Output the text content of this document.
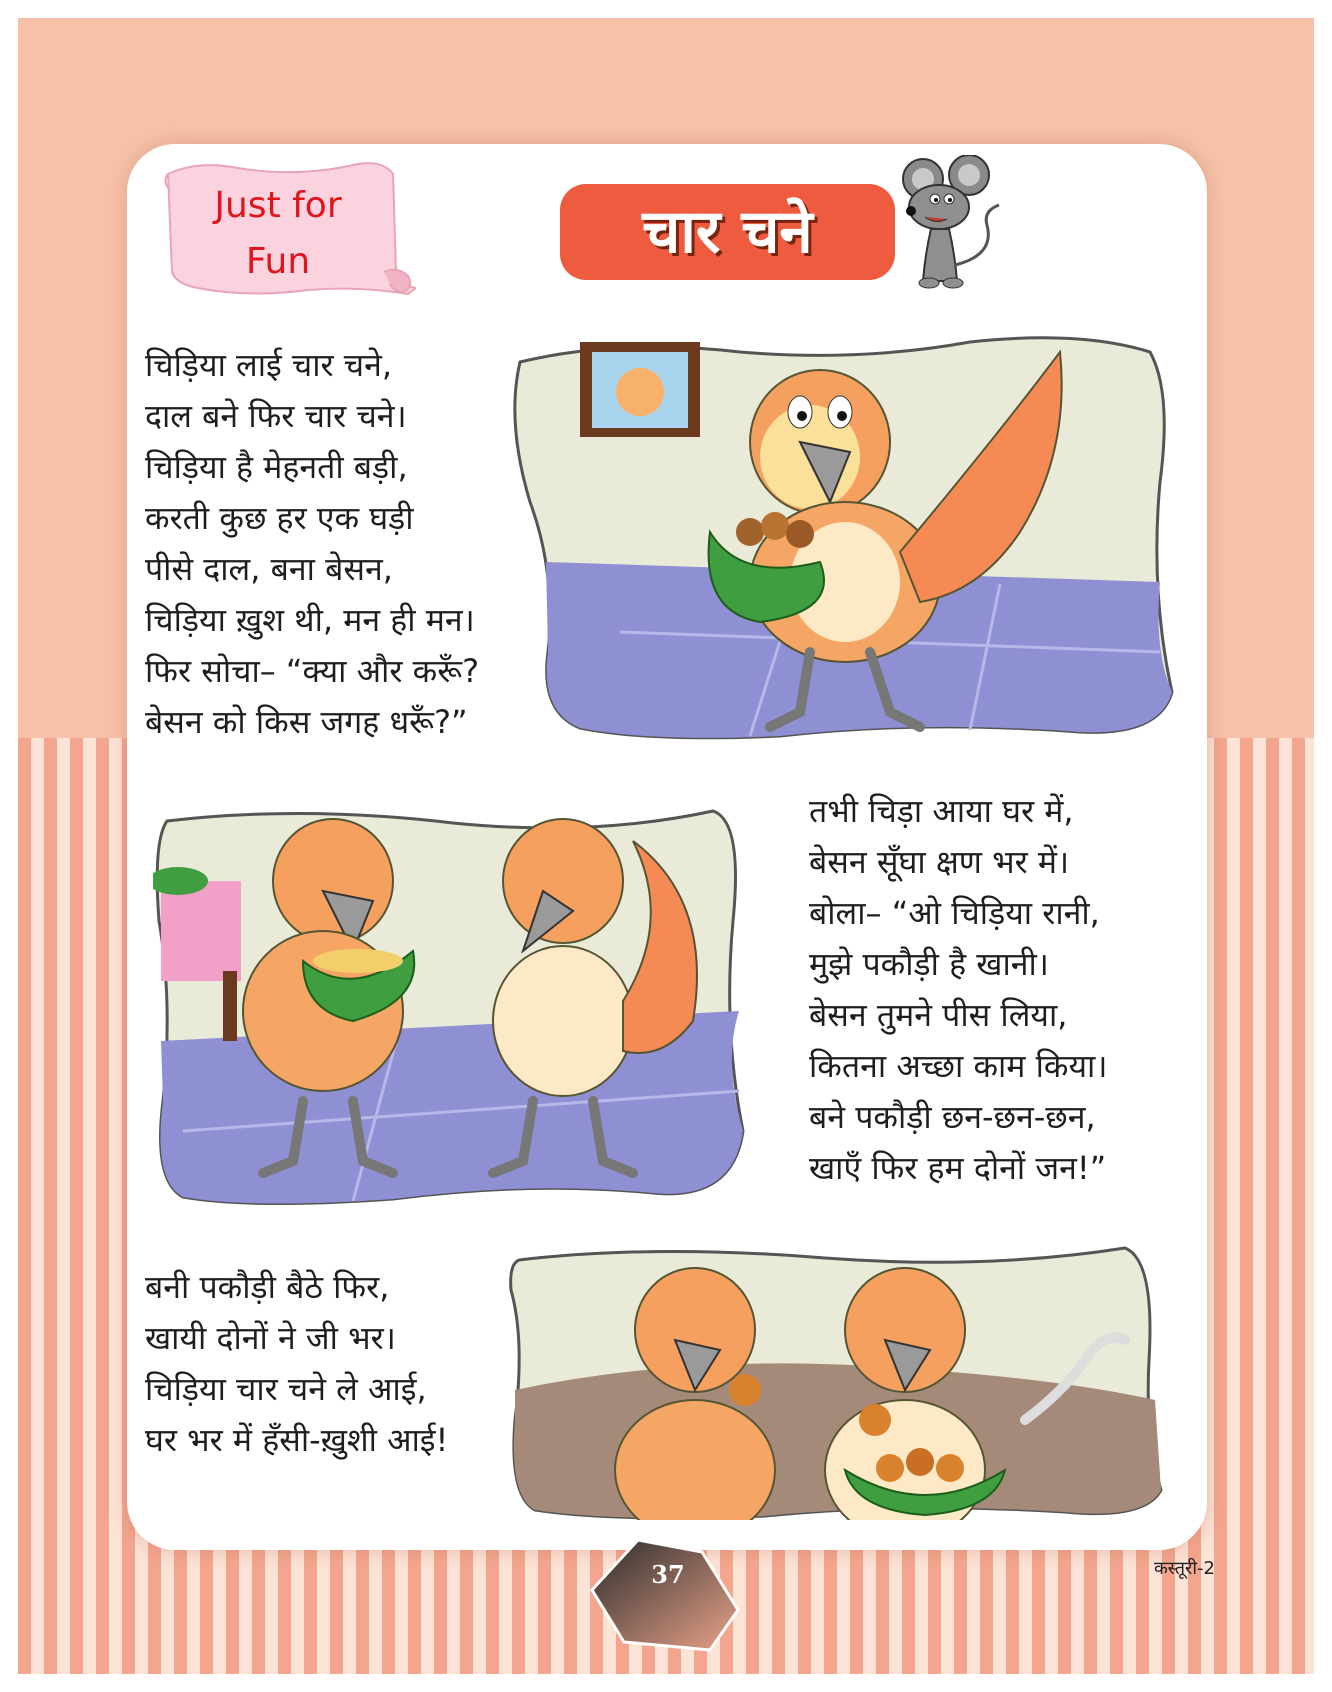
Just for
Fun	चार चने
चिड़िया लाई चार चने,
दाल बने फिर चार चने।
चिड़िया है मेहनती बड़ी,
करती कुछ हर एक घड़ी
पीसे दाल, बना बेसन,
चिड़िया ख़ुश थी, मन ही मन।
फिर सोचा– “क्या और करूँ?
बेसन को किस जगह धरूँ?”
तभी चिड़ा आया घर में,
बेसन सूँघा क्षण भर में।
बोला– “ओ चिड़िया रानी,
मुझे पकौड़ी है खानी।
बेसन तुमने पीस लिया,
कितना अच्छा काम किया।
बने पकौड़ी छन-छन-छन,
खाएँ फिर हम दोनों जन!”
बनी पकौड़ी बैठे फिर,
खायी दोनों ने जी भर।
चिड़िया चार चने ले आई,
घर भर में हँसी-ख़ुशी आई!
37	कस्तूरी-2
